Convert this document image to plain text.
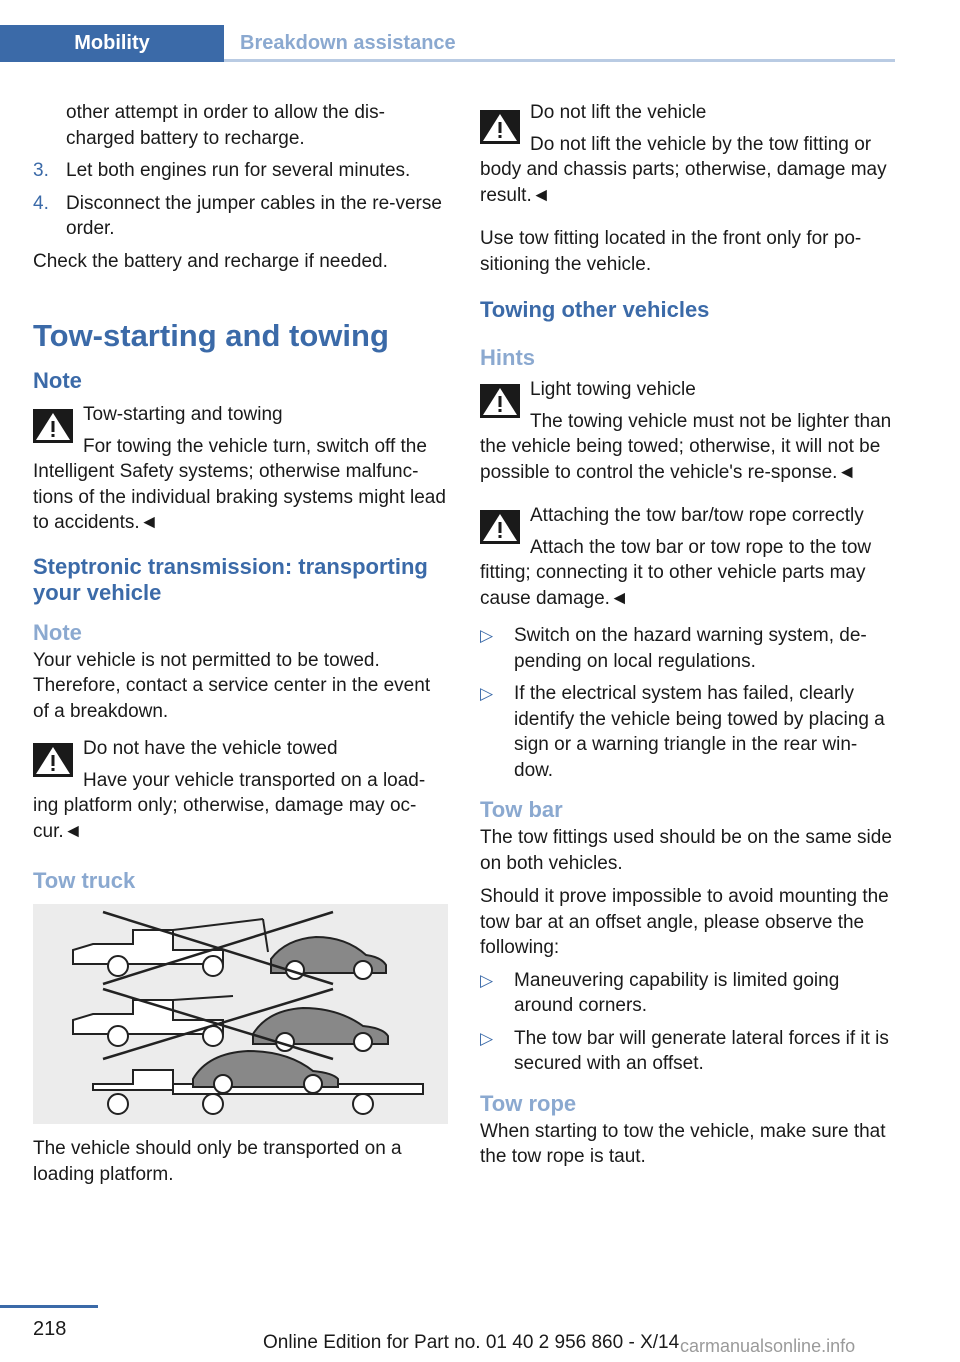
Mobility	Breakdown assistance

other attempt in order to allow the dis‐charged battery to recharge.

3. Let both engines run for several minutes.
4. Disconnect the jumper cables in the re‐verse order.

Check the battery and recharge if needed.

Tow-starting and towing
Note
Tow-starting and towing
For towing the vehicle turn, switch off the Intelligent Safety systems; otherwise malfunc‐tions of the individual braking systems might lead to accidents.◄
Steptronic transmission: transporting your vehicle
Note

Your vehicle is not permitted to be towed. Therefore, contact a service center in the event of a breakdown.

Do not have the vehicle towed
Have your vehicle transported on a load‐ing platform only; otherwise, damage may oc‐cur.◄
Tow truck

The vehicle should only be transported on a loading platform.

Do not lift the vehicle
Do not lift the vehicle by the tow fitting or body and chassis parts; otherwise, damage may result.◄

Use tow fitting located in the front only for po‐sitioning the vehicle.

Towing other vehicles
Hints
Light towing vehicle
The towing vehicle must not be lighter than the vehicle being towed; otherwise, it will not be possible to control the vehicle's re‐sponse.◄
Attaching the tow bar/tow rope correctly
Attach the tow bar or tow rope to the tow fitting; connecting it to other vehicle parts may cause damage.◄
▷ Switch on the hazard warning system, de‐pending on local regulations.
▷ If the electrical system has failed, clearly identify the vehicle being towed by placing a sign or a warning triangle in the rear win‐dow.
Tow bar

The tow fittings used should be on the same side on both vehicles.

Should it prove impossible to avoid mounting the tow bar at an offset angle, please observe the following:

▷ Maneuvering capability is limited going around corners.
▷ The tow bar will generate lateral forces if it is secured with an offset.
Tow rope

When starting to tow the vehicle, make sure that the tow rope is taut.

218
Online Edition for Part no. 01 40 2 956 860 - X/14 carmanualsonline.info
